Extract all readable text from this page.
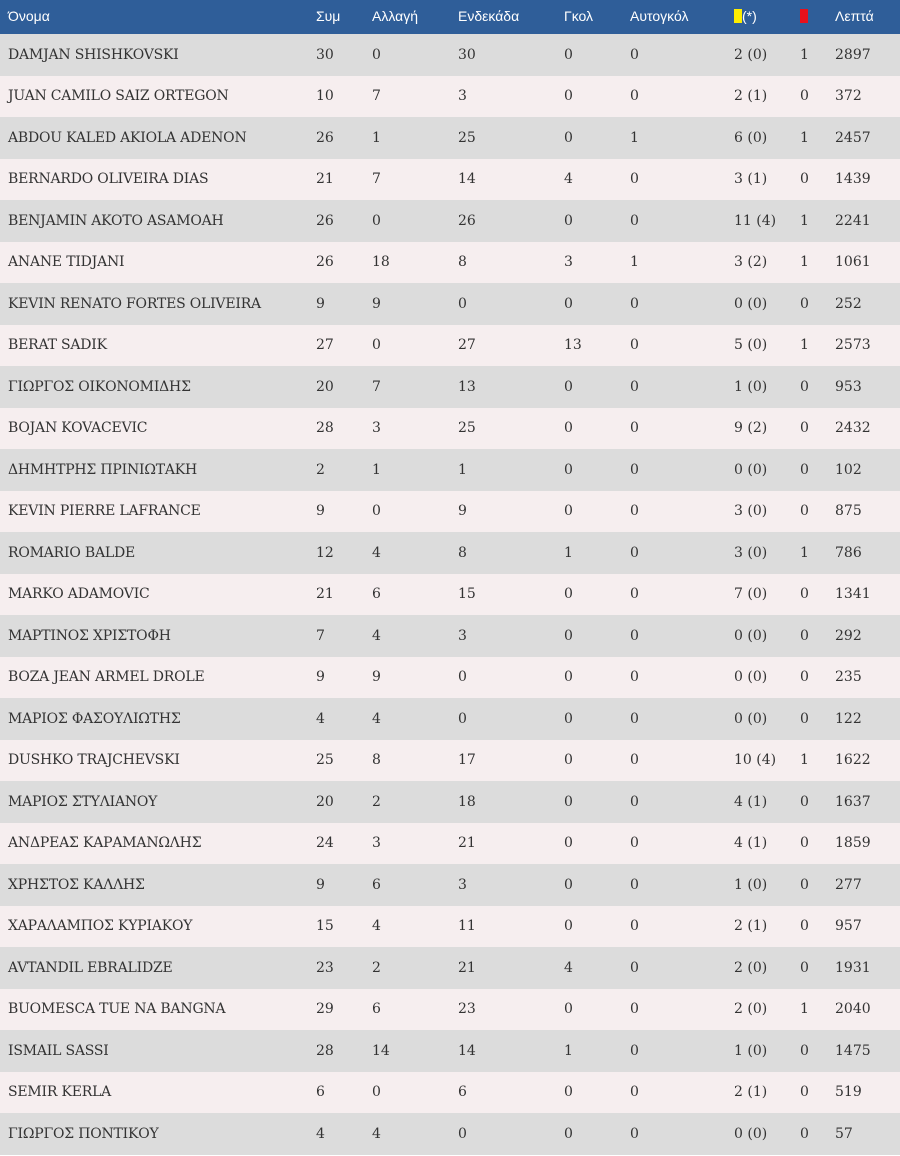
Όνομα	Συμ	Αλλαγή	Ενδεκάδα	Γκολ	Αυτογκόλ	(*)		Λεπτά
DAMJAN SHISHKOVSKI	30	0	30	0	0	2 (0)	1	2897
JUAN CAMILO SAIZ ORTEGON	10	7	3	0	0	2 (1)	0	372
ABDOU KALED AKIOLA ADENON	26	1	25	0	1	6 (0)	1	2457
BERNARDO OLIVEIRA DIAS	21	7	14	4	0	3 (1)	0	1439
BENJAMIN AKOTO ASAMOAH	26	0	26	0	0	11 (4)	1	2241
ANANE TIDJANI	26	18	8	3	1	3 (2)	1	1061
KEVIN RENATO FORTES OLIVEIRA	9	9	0	0	0	0 (0)	0	252
BERAT SADIK	27	0	27	13	0	5 (0)	1	2573
ΓΙΩΡΓΟΣ ΟΙΚΟΝΟΜΙΔΗΣ	20	7	13	0	0	1 (0)	0	953
BOJAN KOVACEVIC	28	3	25	0	0	9 (2)	0	2432
ΔΗΜΗΤΡΗΣ ΠΡΙΝΙΩΤΑΚΗ	2	1	1	0	0	0 (0)	0	102
KEVIN PIERRE LAFRANCE	9	0	9	0	0	3 (0)	0	875
ROMARIO BALDE	12	4	8	1	0	3 (0)	1	786
MARKO ADAMOVIC	21	6	15	0	0	7 (0)	0	1341
ΜΑΡΤΙΝΟΣ ΧΡΙΣΤΟΦΗ	7	4	3	0	0	0 (0)	0	292
BOZA JEAN ARMEL DROLE	9	9	0	0	0	0 (0)	0	235
ΜΑΡΙΟΣ ΦΑΣΟΥΛΙΩΤΗΣ	4	4	0	0	0	0 (0)	0	122
DUSHKO TRAJCHEVSKI	25	8	17	0	0	10 (4)	1	1622
ΜΑΡΙΟΣ ΣΤΥΛΙΑΝΟΥ	20	2	18	0	0	4 (1)	0	1637
ΑΝΔΡΕΑΣ ΚΑΡΑΜΑΝΩΛΗΣ	24	3	21	0	0	4 (1)	0	1859
ΧΡΗΣΤΟΣ ΚΑΛΛΗΣ	9	6	3	0	0	1 (0)	0	277
ΧΑΡΑΛΑΜΠΟΣ ΚΥΡΙΑΚΟΥ	15	4	11	0	0	2 (1)	0	957
AVTANDIL EBRALIDZE	23	2	21	4	0	2 (0)	0	1931
BUOMESCA TUE NA BANGNA	29	6	23	0	0	2 (0)	1	2040
ISMAIL SASSI	28	14	14	1	0	1 (0)	0	1475
SEMIR KERLA	6	0	6	0	0	2 (1)	0	519
ΓΙΩΡΓΟΣ ΠΟΝΤΙΚΟΥ	4	4	0	0	0	0 (0)	0	57
